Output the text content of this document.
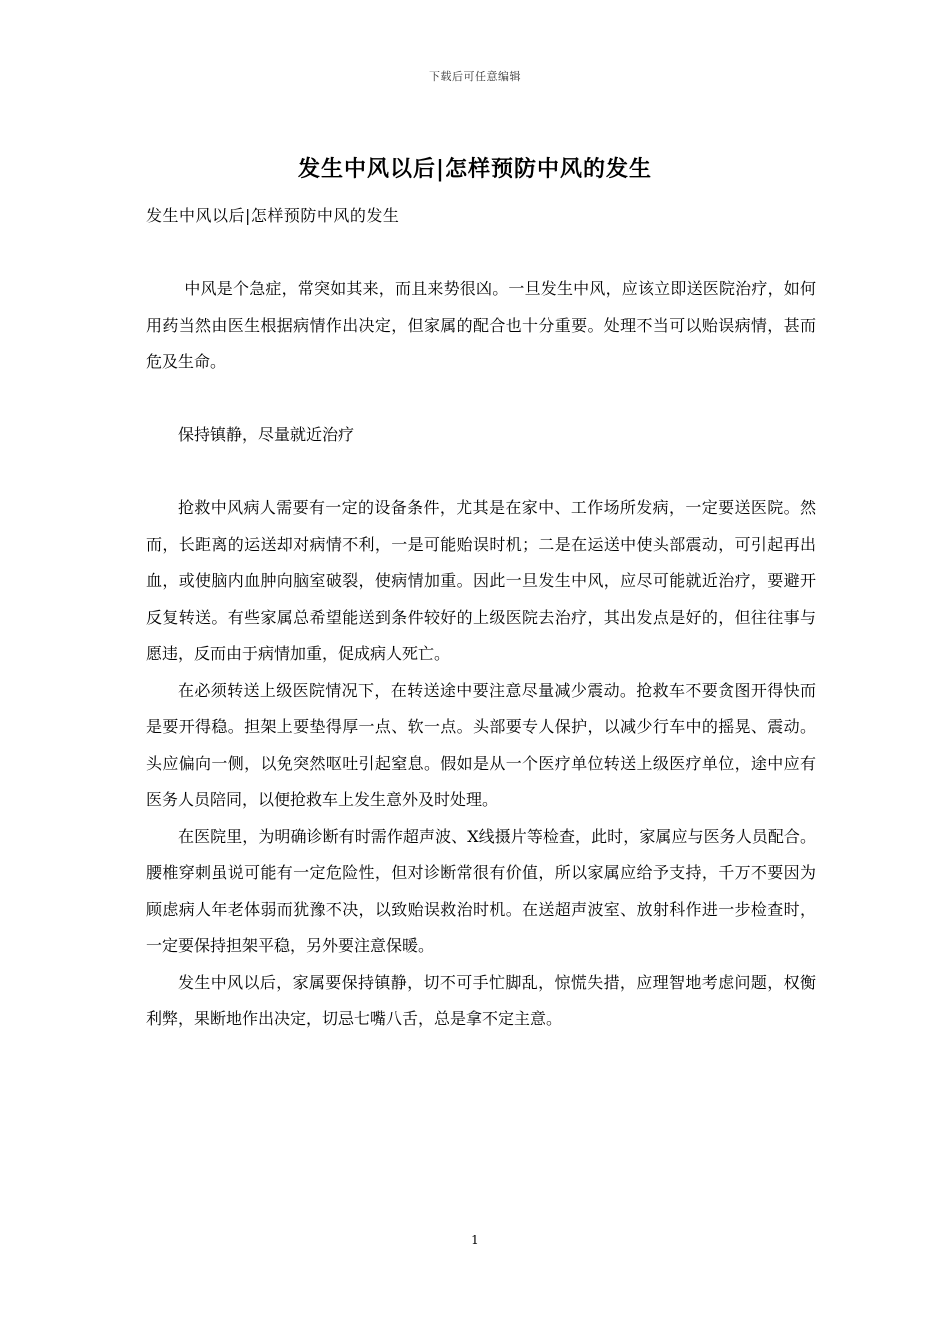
下载后可任意编辑
发生中风以后|怎样预防中风的发生

发生中风以后|怎样预防中风的发生

中风是个急症，常突如其来，而且来势很凶。一旦发生中风，应该立即送医院治疗，如何用药当然由医生根据病情作出决定，但家属的配合也十分重要。处理不当可以贻误病情，甚而危及生命。

保持镇静，尽量就近治疗

抢救中风病人需要有一定的设备条件，尤其是在家中、工作场所发病，一定要送医院。然而，长距离的运送却对病情不利，一是可能贻误时机；二是在运送中使头部震动，可引起再出血，或使脑内血肿向脑室破裂，使病情加重。因此一旦发生中风，应尽可能就近治疗，要避开反复转送。有些家属总希望能送到条件较好的上级医院去治疗，其出发点是好的，但往往事与愿违，反而由于病情加重，促成病人死亡。

在必须转送上级医院情况下，在转送途中要注意尽量减少震动。抢救车不要贪图开得快而是要开得稳。担架上要垫得厚一点、软一点。头部要专人保护，以减少行车中的摇晃、震动。头应偏向一侧，以免突然呕吐引起窒息。假如是从一个医疗单位转送上级医疗单位，途中应有医务人员陪同，以便抢救车上发生意外及时处理。

在医院里，为明确诊断有时需作超声波、X线摄片等检查，此时，家属应与医务人员配合。腰椎穿刺虽说可能有一定危险性，但对诊断常很有价值，所以家属应给予支持，千万不要因为顾虑病人年老体弱而犹豫不决，以致贻误救治时机。在送超声波室、放射科作进一步检查时，一定要保持担架平稳，另外要注意保暖。

发生中风以后，家属要保持镇静，切不可手忙脚乱，惊慌失措，应理智地考虑问题，权衡利弊，果断地作出决定，切忌七嘴八舌，总是拿不定主意。

1
